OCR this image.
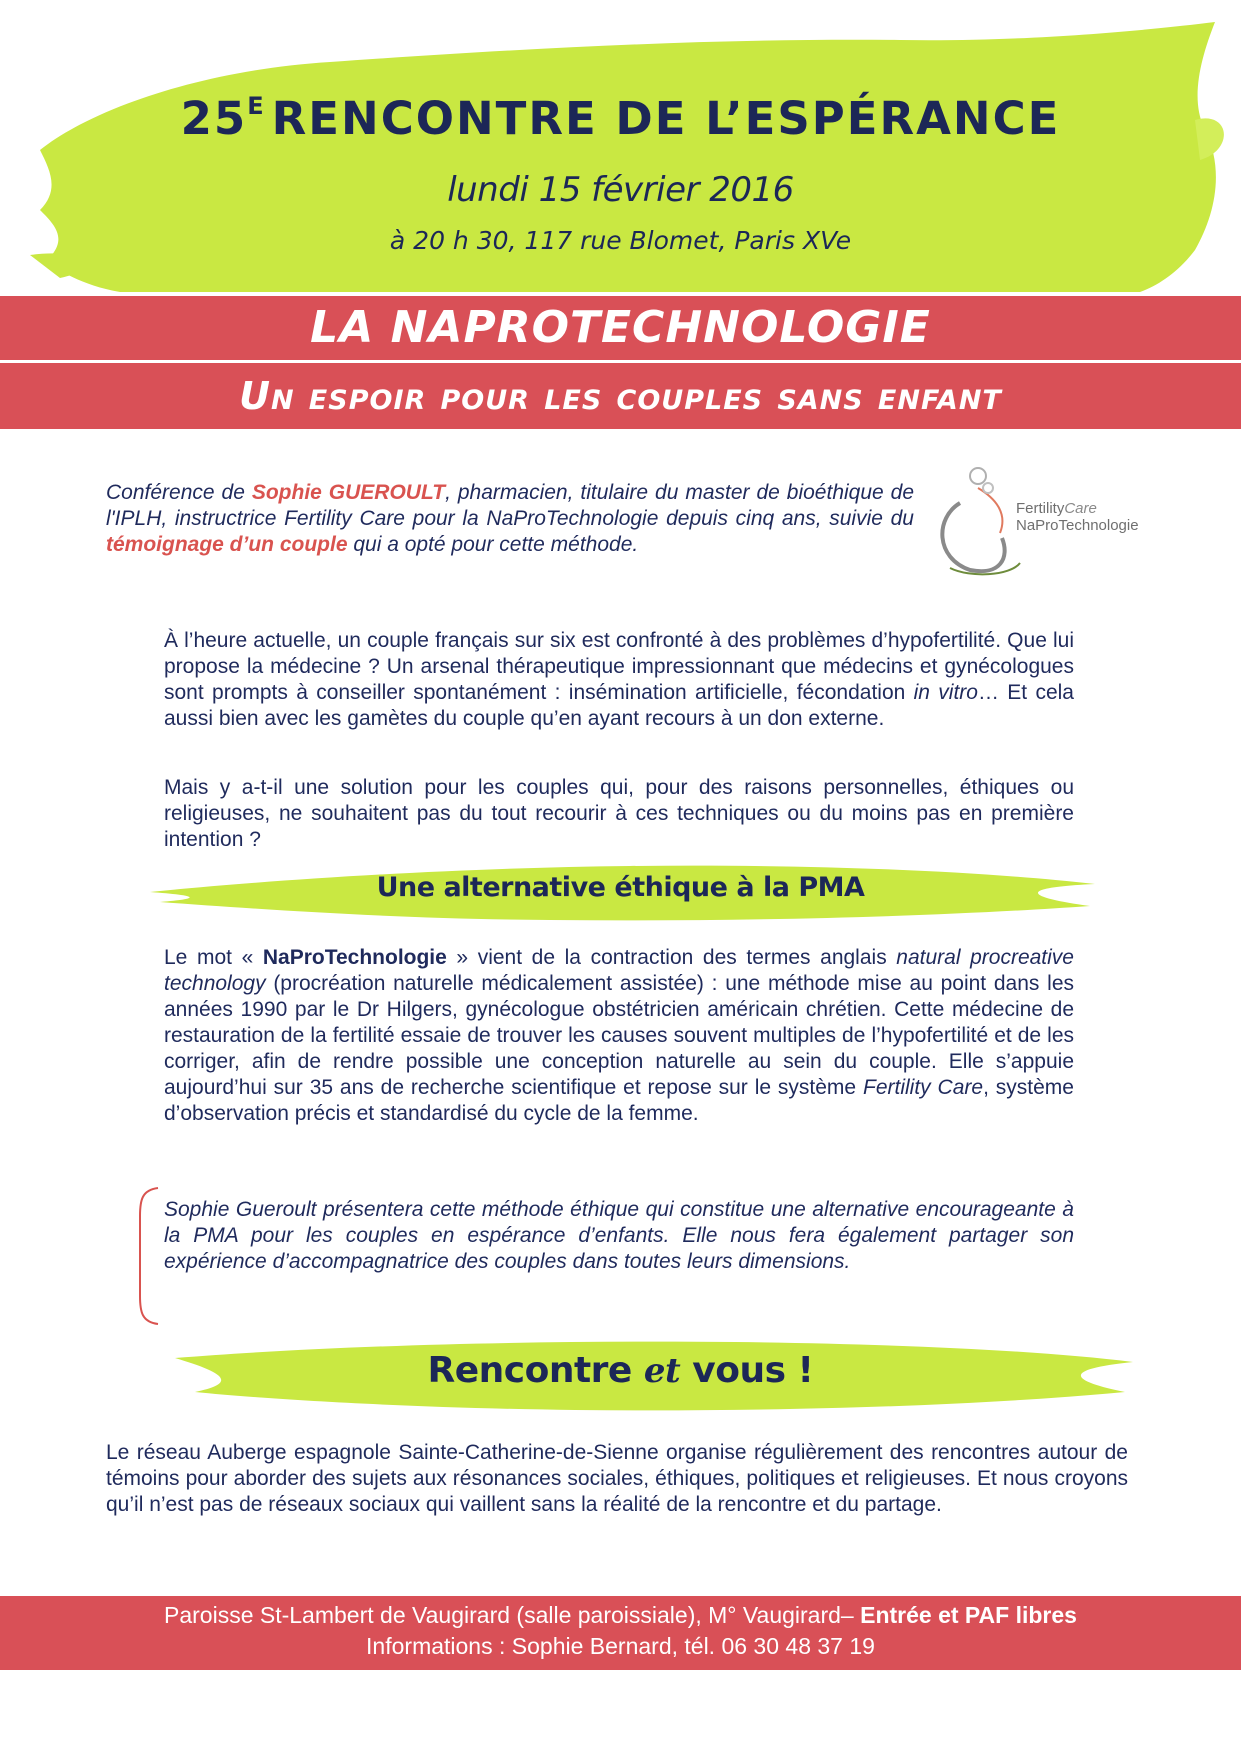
$25^E$ RENCONTRE DE L’ESPÉRANCE
lundi 15 février 2016
à 20 h 30, 117 rue Blomet, Paris XVe
LA NAPROTECHNOLOGIE
Un espoir pour les couples sans enfant
Conférence de Sophie GUEROULT, pharmacien, titulaire du master de bioéthique de l'IPLH, instructrice Fertility Care pour la NaProTechnologie depuis cinq ans, suivie du témoignage d’un couple qui a opté pour cette méthode.
FertilityCare
NaProTechnologie
À l’heure actuelle, un couple français sur six est confronté à des problèmes d’hypofertilité. Que lui propose la médecine ? Un arsenal thérapeutique impressionnant que médecins et gynécologues sont prompts à conseiller spontanément : insémination artificielle, fécondation in vitro… Et cela aussi bien avec les gamètes du couple qu’en ayant recours à un don externe.
Mais y a-t-il une solution pour les couples qui, pour des raisons personnelles, éthiques ou religieuses, ne souhaitent pas du tout recourir à ces techniques ou du moins pas en première intention ?
Une alternative éthique à la PMA
Le mot « NaProTechnologie » vient de la contraction des termes anglais natural procreative technology (procréation naturelle médicalement assistée) : une méthode mise au point dans les années 1990 par le Dr Hilgers, gynécologue obstétricien américain chrétien. Cette médecine de restauration de la fertilité essaie de trouver les causes souvent multiples de l’hypofertilité et de les corriger, afin de rendre possible une conception naturelle au sein du couple. Elle s’appuie aujourd’hui sur 35 ans de recherche scientifique et repose sur le système Fertility Care, système d’observation précis et standardisé du cycle de la femme.
Sophie Gueroult présentera cette méthode éthique qui constitue une alternative encourageante à la PMA pour les couples en espérance d’enfants. Elle nous fera également partager son expérience d’accompagnatrice des couples dans toutes leurs dimensions.
Rencontre et vous !
Le réseau Auberge espagnole Sainte-Catherine-de-Sienne organise régulièrement des rencontres autour de témoins pour aborder des sujets aux résonances sociales, éthiques, politiques et religieuses. Et nous croyons qu’il n’est pas de réseaux sociaux qui vaillent sans la réalité de la rencontre et du partage.
Paroisse St-Lambert de Vaugirard (salle paroissiale), M° Vaugirard– Entrée et PAF libres
Informations : Sophie Bernard, tél. 06 30 48 37 19
